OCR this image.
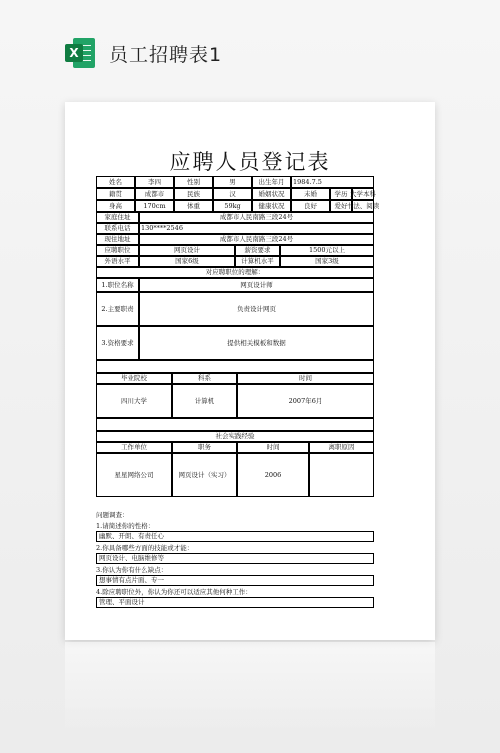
X 员工招聘表1
应聘人员登记表
姓名	李四	性别	男	出生年月	1984.7.5
籍贯	成都市	民族	汉	婚姻状况	未婚	学历 大学本科
身高	170cm	体重	59kg	健康状况	良好	爱好 书法、阅读
家庭住址	成都市人民南路三段24号
联系电话	130****2546
现住地址	成都市人民南路三段24号
应聘职位	网页设计	薪资要求	1500元以上
外语水平	国家6级	计算机水平	国家3级
对应聘职位的理解：
1.职位名称	网页设计师
2.主要职责	负责设计网页
3.资格要求	提供相关模板和数据
毕业院校	科系	时间
四川大学	计算机	2007年6月
社会实践经验
工作单位	职务	时间	离职原因
星星网络公司	网页设计（实习）	2006
问题调查：
1.请简述你的性格：
幽默、开朗、有责任心
2.你具备哪些方面的技能或才能：
网页设计、电脑维修等
3.你认为你有什么缺点：
想事情有点片面、专一
4.除应聘职位外，你认为你还可以适应其他何种工作：
管理、平面设计
